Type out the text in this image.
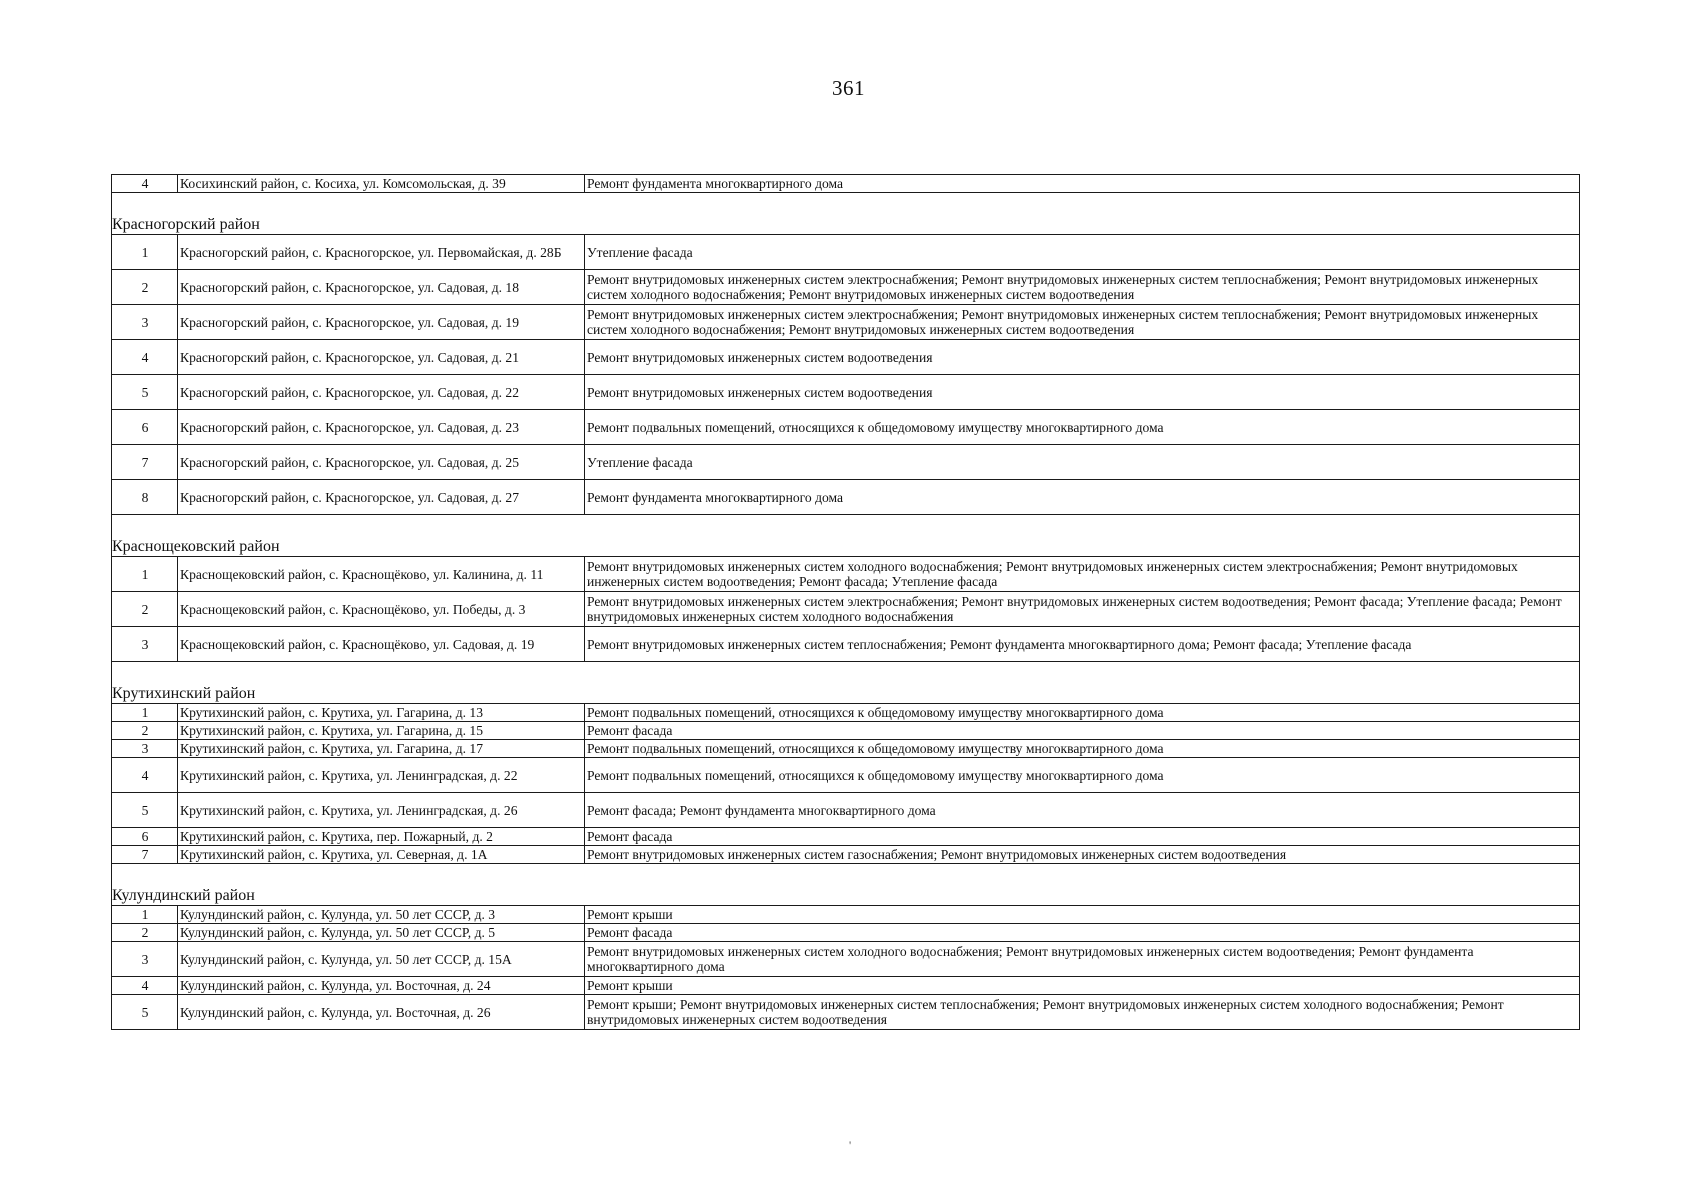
361
4	Косихинский район, с. Косиха, ул. Комсомольская, д. 39	Ремонт фундамента многоквартирного дома

Красногорский район		
1	Красногорский район, с. Красногорское, ул. Первомайская, д. 28Б	Утепление фасада
2	Красногорский район, с. Красногорское, ул. Садовая, д. 18	Ремонт внутридомовых инженерных систем электроснабжения; Ремонт внутридомовых инженерных систем теплоснабжения; Ремонт внутридомовых инженерных систем холодного водоснабжения; Ремонт внутридомовых инженерных систем водоотведения
3	Красногорский район, с. Красногорское, ул. Садовая, д. 19	Ремонт внутридомовых инженерных систем электроснабжения; Ремонт внутридомовых инженерных систем теплоснабжения; Ремонт внутридомовых инженерных систем холодного водоснабжения; Ремонт внутридомовых инженерных систем водоотведения
4	Красногорский район, с. Красногорское, ул. Садовая, д. 21	Ремонт внутридомовых инженерных систем водоотведения
5	Красногорский район, с. Красногорское, ул. Садовая, д. 22	Ремонт внутридомовых инженерных систем водоотведения
6	Красногорский район, с. Красногорское, ул. Садовая, д. 23	Ремонт подвальных помещений, относящихся к общедомовому имуществу многоквартирного дома
7	Красногорский район, с. Красногорское, ул. Садовая, д. 25	Утепление фасада
8	Красногорский район, с. Красногорское, ул. Садовая, д. 27	Ремонт фундамента многоквартирного дома

Краснощековский район		
1	Краснощековский район, с. Краснощёково, ул. Калинина, д. 11	Ремонт внутридомовых инженерных систем холодного водоснабжения; Ремонт внутридомовых инженерных систем электроснабжения; Ремонт внутридомовых инженерных систем водоотведения; Ремонт фасада; Утепление фасада
2	Краснощековский район, с. Краснощёково, ул. Победы, д. 3	Ремонт внутридомовых инженерных систем электроснабжения; Ремонт внутридомовых инженерных систем водоотведения; Ремонт фасада; Утепление фасада; Ремонт внутридомовых инженерных систем холодного водоснабжения
3	Краснощековский район, с. Краснощёково, ул. Садовая, д. 19	Ремонт внутридомовых инженерных систем теплоснабжения; Ремонт фундамента многоквартирного дома; Ремонт фасада; Утепление фасада

Крутихинский район		
1	Крутихинский район, с. Крутиха, ул. Гагарина, д. 13	Ремонт подвальных помещений, относящихся к общедомовому имуществу многоквартирного дома
2	Крутихинский район, с. Крутиха, ул. Гагарина, д. 15	Ремонт фасада
3	Крутихинский район, с. Крутиха, ул. Гагарина, д. 17	Ремонт подвальных помещений, относящихся к общедомовому имуществу многоквартирного дома
4	Крутихинский район, с. Крутиха, ул. Ленинградская, д. 22	Ремонт подвальных помещений, относящихся к общедомовому имуществу многоквартирного дома
5	Крутихинский район, с. Крутиха, ул. Ленинградская, д. 26	Ремонт фасада; Ремонт фундамента многоквартирного дома
6	Крутихинский район, с. Крутиха, пер. Пожарный, д. 2	Ремонт фасада
7	Крутихинский район, с. Крутиха, ул. Северная, д. 1А	Ремонт внутридомовых инженерных систем газоснабжения; Ремонт внутридомовых инженерных систем водоотведения

Кулундинский район		
1	Кулундинский район, с. Кулунда, ул. 50 лет СССР, д. 3	Ремонт крыши
2	Кулундинский район, с. Кулунда, ул. 50 лет СССР, д. 5	Ремонт фасада
3	Кулундинский район, с. Кулунда, ул. 50 лет СССР, д. 15А	Ремонт внутридомовых инженерных систем холодного водоснабжения; Ремонт внутридомовых инженерных систем водоотведения; Ремонт фундамента многоквартирного дома
4	Кулундинский район, с. Кулунда, ул. Восточная, д. 24	Ремонт крыши
5	Кулундинский район, с. Кулунда, ул. Восточная, д. 26	Ремонт крыши; Ремонт внутридомовых инженерных систем теплоснабжения; Ремонт внутридомовых инженерных систем холодного водоснабжения; Ремонт внутридомовых инженерных систем водоотведения
'
